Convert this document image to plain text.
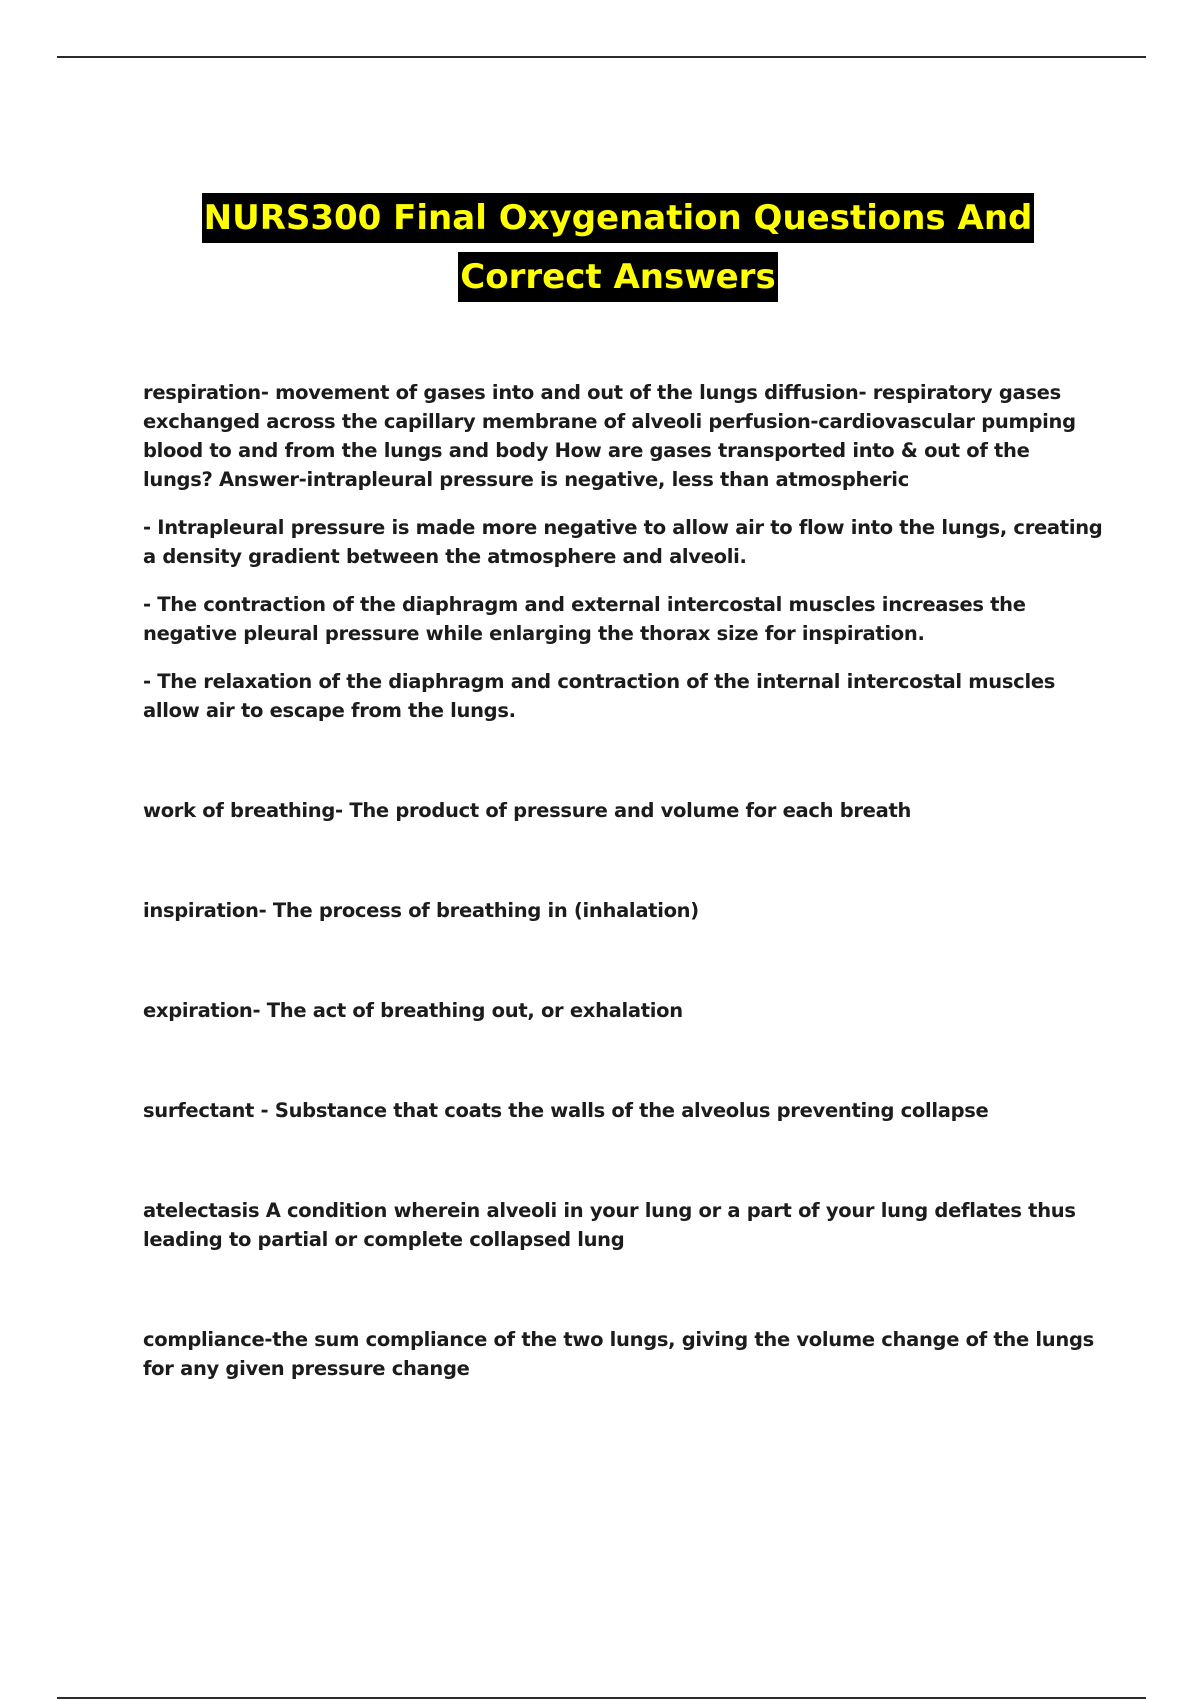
NURS300 Final Oxygenation Questions And
Correct Answers

respiration- movement of gases into and out of the lungs diffusion- respiratory gases exchanged across the capillary membrane of alveoli perfusion-cardiovascular pumping blood to and from the lungs and body How are gases transported into & out of the lungs? Answer-intrapleural pressure is negative, less than atmospheric

- Intrapleural pressure is made more negative to allow air to flow into the lungs, creating a density gradient between the atmosphere and alveoli.

- The contraction of the diaphragm and external intercostal muscles increases the negative pleural pressure while enlarging the thorax size for inspiration.

- The relaxation of the diaphragm and contraction of the internal intercostal muscles allow air to escape from the lungs.

work of breathing- The product of pressure and volume for each breath

inspiration- The process of breathing in (inhalation)

expiration- The act of breathing out, or exhalation

surfectant - Substance that coats the walls of the alveolus preventing collapse

atelectasis A condition wherein alveoli in your lung or a part of your lung deflates thus leading to partial or complete collapsed lung

compliance-the sum compliance of the two lungs, giving the volume change of the lungs for any given pressure change
